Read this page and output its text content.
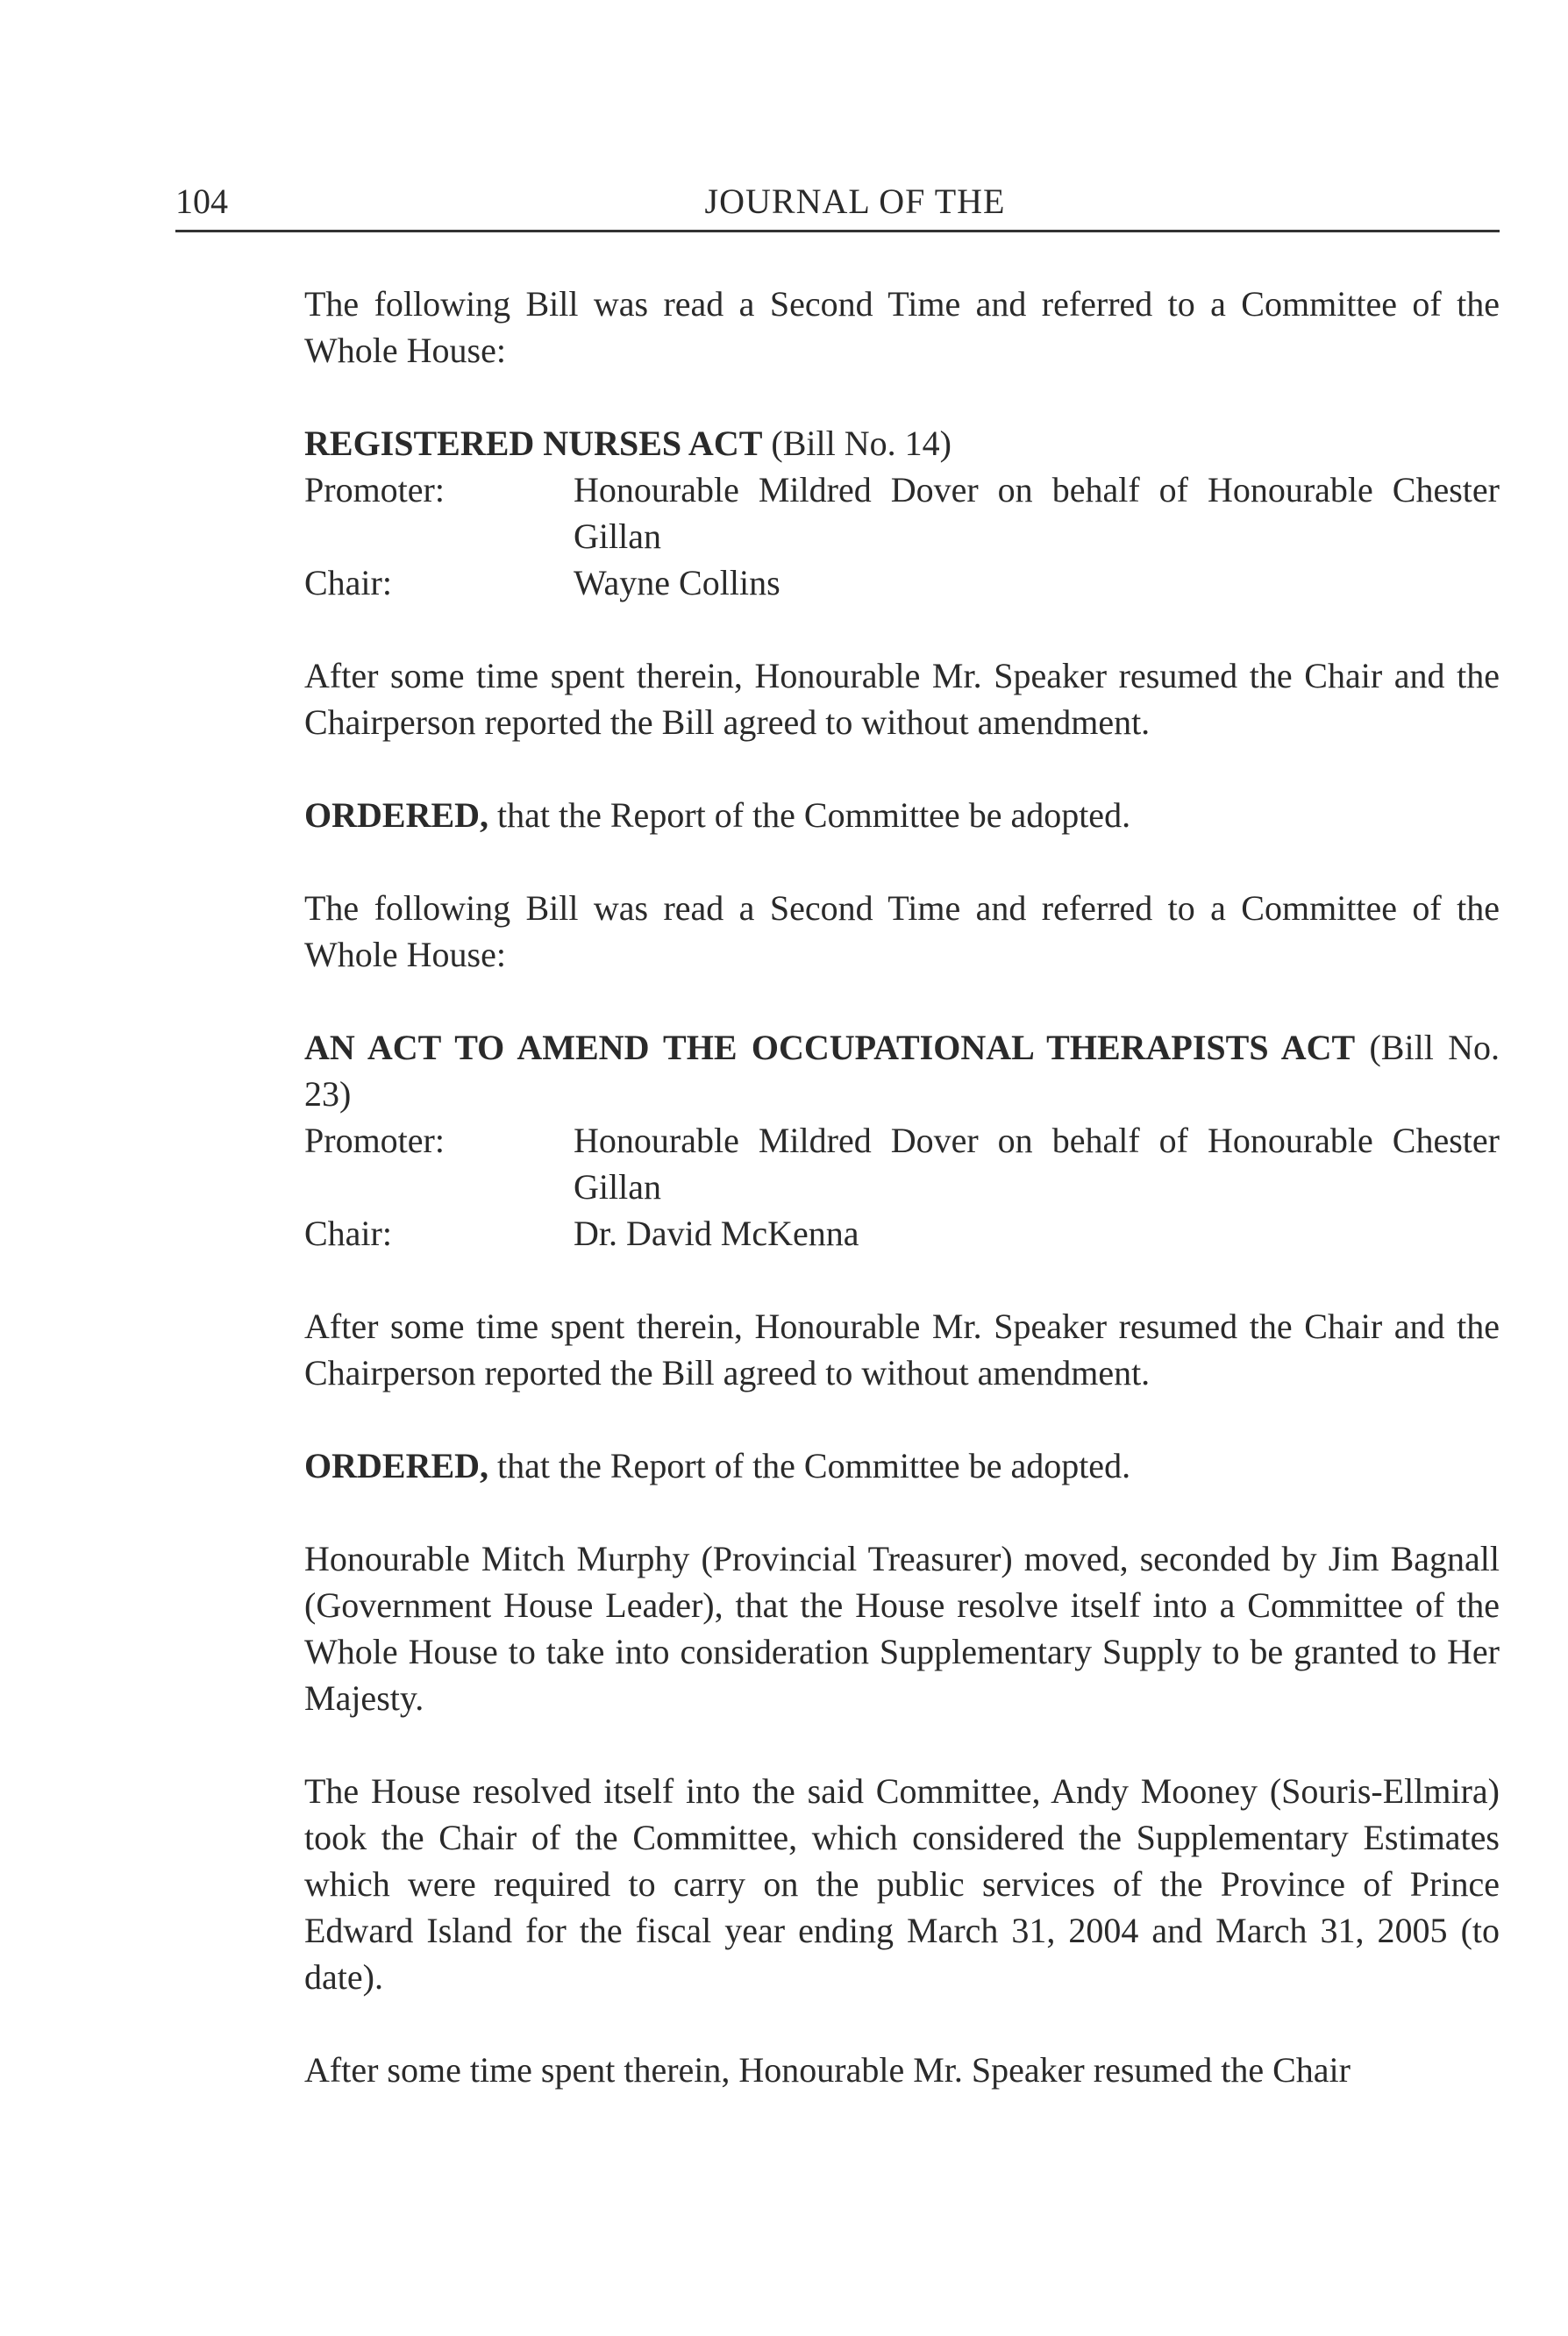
104	JOURNAL OF THE

The following Bill was read a Second Time and referred to a Committee of the Whole House:

REGISTERED NURSES ACT (Bill No. 14)

Promoter:	Honourable Mildred Dover on behalf of Honourable Chester Gillan
Chair:	Wayne Collins

After some time spent therein, Honourable Mr. Speaker resumed the Chair and the Chairperson reported the Bill agreed to without amendment.

ORDERED, that the Report of the Committee be adopted.

The following Bill was read a Second Time and referred to a Committee of the Whole House:

AN ACT TO AMEND THE OCCUPATIONAL THERAPISTS ACT (Bill No. 23)

Promoter:	Honourable Mildred Dover on behalf of Honourable Chester Gillan
Chair:	Dr. David McKenna

After some time spent therein, Honourable Mr. Speaker resumed the Chair and the Chairperson reported the Bill agreed to without amendment.

ORDERED, that the Report of the Committee be adopted.

Honourable Mitch Murphy (Provincial Treasurer) moved, seconded by Jim Bagnall (Government House Leader), that the House resolve itself into a Committee of the Whole House to take into consideration Supplementary Supply to be granted to Her Majesty.

The House resolved itself into the said Committee, Andy Mooney (Souris-Ellmira) took the Chair of the Committee, which considered the Supplementary Estimates which were required to carry on the public services of the Province of Prince Edward Island for the fiscal year ending March 31, 2004 and March 31, 2005 (to date).

After some time spent therein, Honourable Mr. Speaker resumed the Chair
